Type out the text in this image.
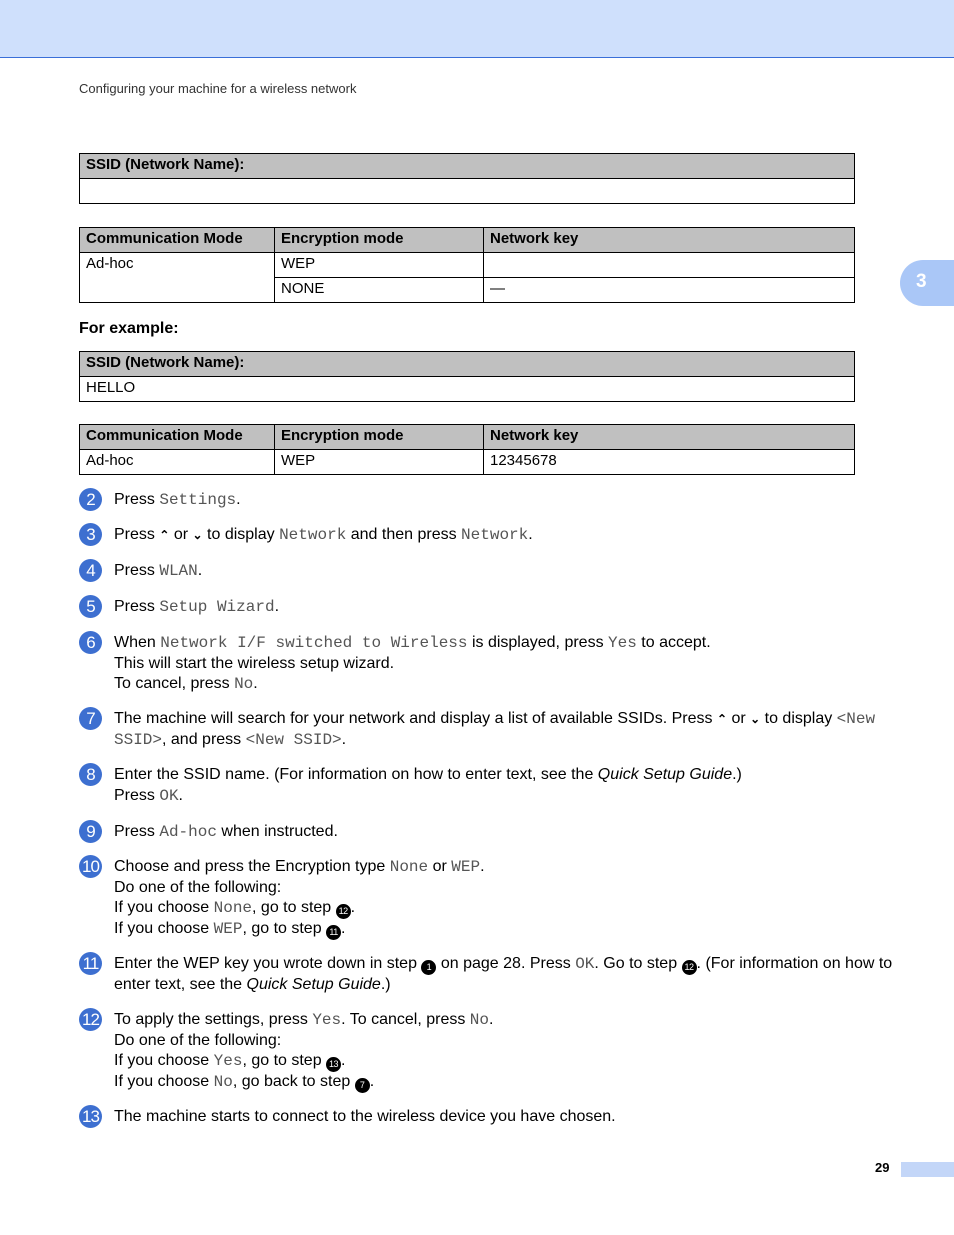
Configuring your machine for a wireless network
3
SSID (Network Name):

Communication Mode	Encryption mode	Network key
Ad-hoc	WEP	
	NONE	—
For example:
SSID (Network Name):
HELLO
Communication Mode	Encryption mode	Network key
Ad-hoc	WEP	12345678
2	Press Settings.
3	Press ⌃ or ⌄ to display Network and then press Network.
4	Press WLAN.
5	Press Setup Wizard.
6	When Network I/F switched to Wireless is displayed, press Yes to accept.
This will start the wireless setup wizard.
To cancel, press No.
7	The machine will search for your network and display a list of available SSIDs. Press ⌃ or ⌄ to display <New SSID>, and press <New SSID>.
8	Enter the SSID name. (For information on how to enter text, see the Quick Setup Guide.)
Press OK.
9	Press Ad-hoc when instructed.
10 Choose and press the Encryption type None or WEP.
Do one of the following:
If you choose None, go to step 12 .
If you choose WEP, go to step 11 .
11 Enter the WEP key you wrote down in step 1 on page 28. Press OK. Go to step 12 . (For information on how to enter text, see the Quick Setup Guide.)
12 To apply the settings, press Yes. To cancel, press No.
Do one of the following:
If you choose Yes, go to step 13 .
If you choose No, go back to step 7 .
13 The machine starts to connect to the wireless device you have chosen.
29
